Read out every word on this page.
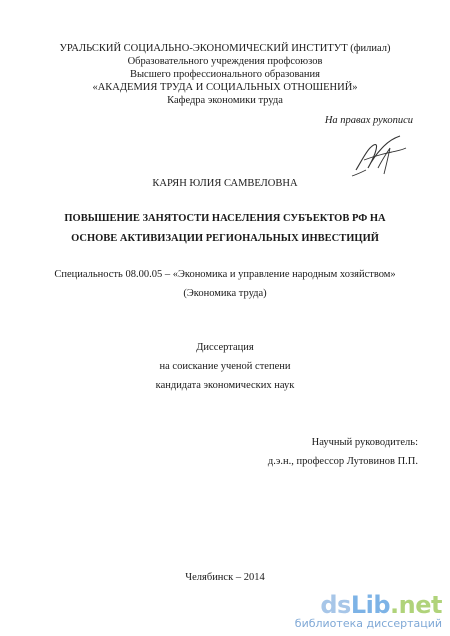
УРАЛЬСКИЙ СОЦИАЛЬНО-ЭКОНОМИЧЕСКИЙ ИНСТИТУТ (филиал)
Образовательного учреждения профсоюзов
Высшего профессионального образования
«АКАДЕМИЯ ТРУДА И СОЦИАЛЬНЫХ ОТНОШЕНИЙ»
Кафедра экономики труда
На правах рукописи
КАРЯН ЮЛИЯ САМВЕЛОВНА
ПОВЫШЕНИЕ ЗАНЯТОСТИ НАСЕЛЕНИЯ СУБЪЕКТОВ РФ НА
ОСНОВЕ АКТИВИЗАЦИИ РЕГИОНАЛЬНЫХ ИНВЕСТИЦИЙ
Специальность 08.00.05 – «Экономика и управление народным хозяйством»
(Экономика труда)
Диссертация
на соискание ученой степени
кандидата экономических наук
Научный руководитель:
д.э.н., профессор Лутовинов П.П.
Челябинск – 2014
dsLib.net
библиотека диссертаций
